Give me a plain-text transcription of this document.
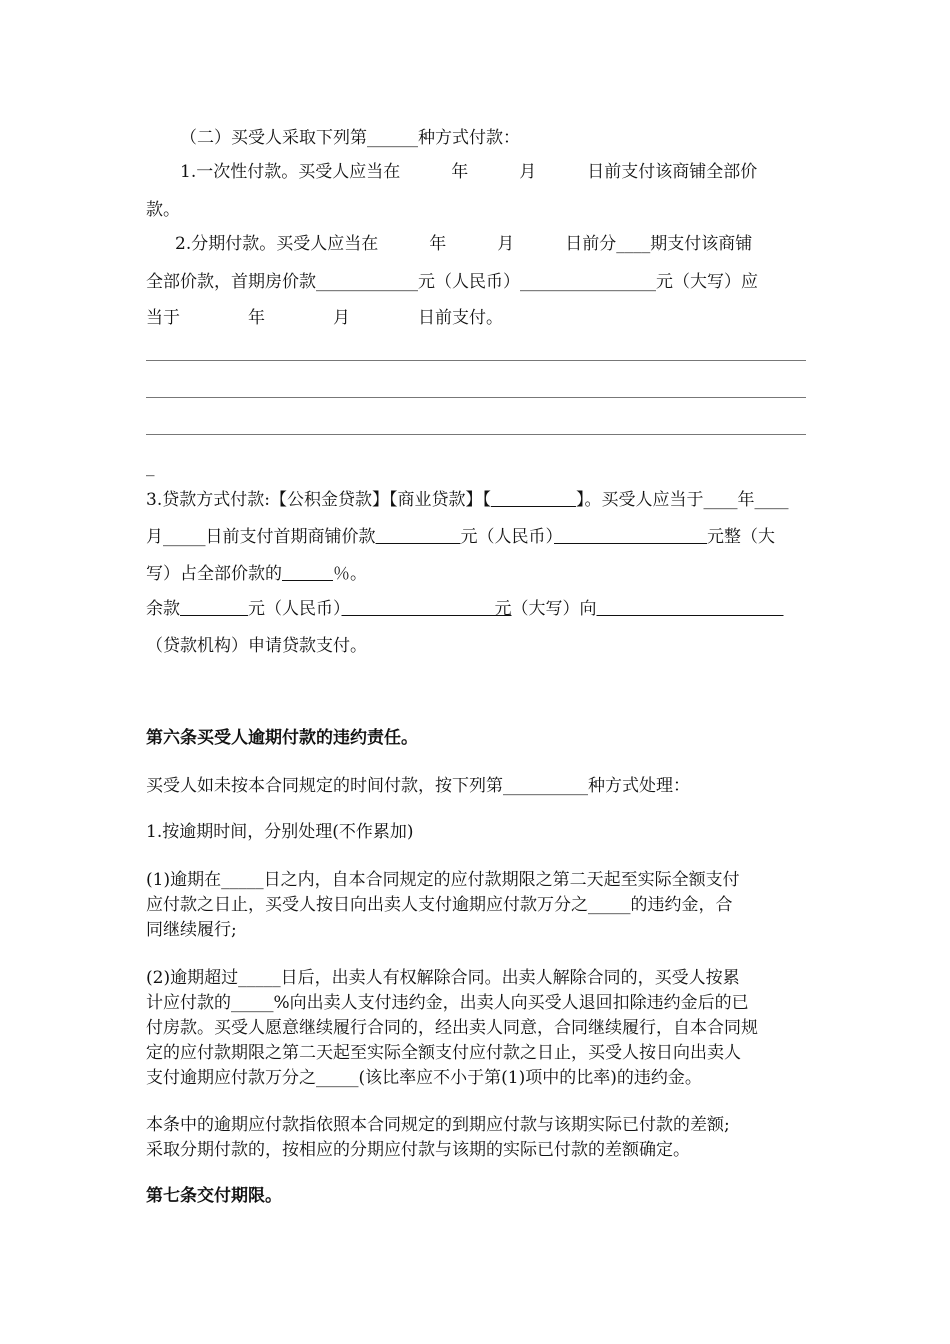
（二）买受人采取下列第______种方式付款：
1.一次性付款。买受人应当在　　　年　　　月　　　日前支付该商铺全部价
款。
2.分期付款。买受人应当在　　　年　　　月　　　日前分____期支付该商铺
全部价款，首期房价款____________元（人民币）________________元（大写）应
当于　　　　年　　　　月　　　　日前支付。
_
3.贷款方式付款:【公积金贷款】【商业贷款】【　　　　　	】。买受人应当于____年____
月_____日前支付首期商铺价款　　　　　	元（人民币）　　　　　　　　　	元整（大
写）占全部价款的　　　	％。
余款　　　　	元（人民币）　　　　　　　　　	元（大写）向　　　　　　　　　　　
（贷款机构）申请贷款支付。
第六条买受人逾期付款的违约责任。
买受人如未按本合同规定的时间付款，按下列第__________种方式处理：
1.按逾期时间，分别处理(不作累加)
(1)逾期在_____日之内，自本合同规定的应付款期限之第二天起至实际全额支付
应付款之日止，买受人按日向出卖人支付逾期应付款万分之_____的违约金，合
同继续履行;
(2)逾期超过_____日后，出卖人有权解除合同。出卖人解除合同的，买受人按累
计应付款的_____%向出卖人支付违约金，出卖人向买受人退回扣除违约金后的已
付房款。买受人愿意继续履行合同的，经出卖人同意，合同继续履行，自本合同规
定的应付款期限之第二天起至实际全额支付应付款之日止，买受人按日向出卖人
支付逾期应付款万分之_____(该比率应不小于第(1)项中的比率)的违约金。
本条中的逾期应付款指依照本合同规定的到期应付款与该期实际已付款的差额;
采取分期付款的，按相应的分期应付款与该期的实际已付款的差额确定。
第七条交付期限。
